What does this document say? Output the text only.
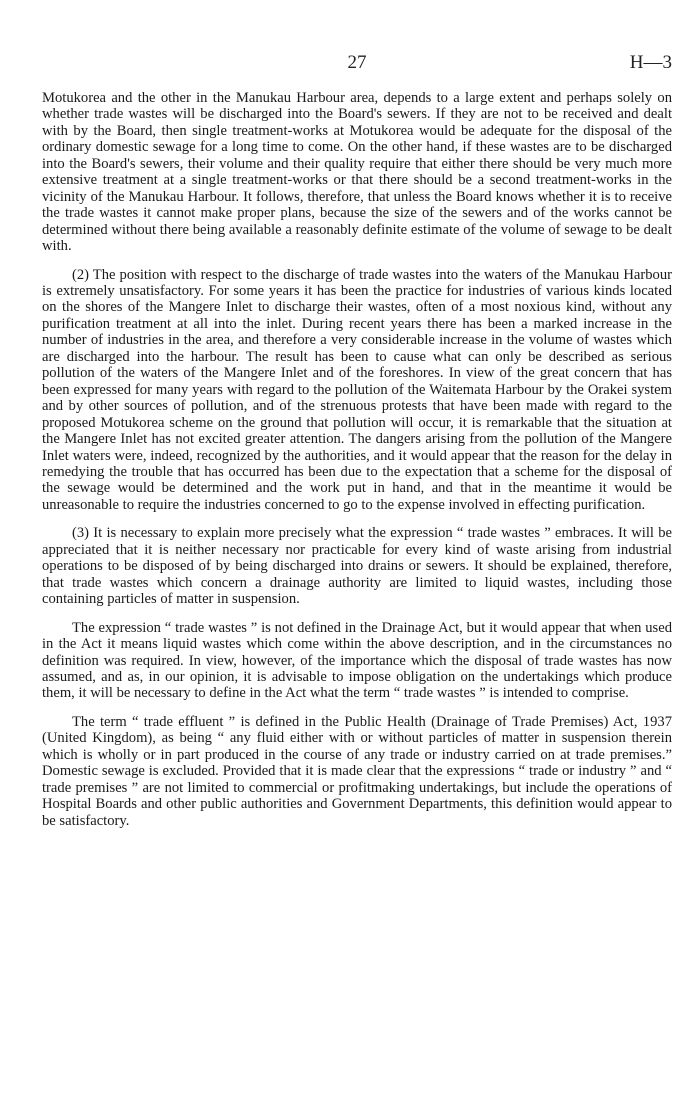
27	H—3

Motukorea and the other in the Manukau Harbour area, depends to a large extent and perhaps solely on whether trade wastes will be discharged into the Board's sewers. If they are not to be received and dealt with by the Board, then single treatment-works at Motukorea would be adequate for the disposal of the ordinary domestic sewage for a long time to come. On the other hand, if these wastes are to be discharged into the Board's sewers, their volume and their quality require that either there should be very much more extensive treatment at a single treatment-works or that there should be a second treatment-works in the vicinity of the Manukau Harbour. It follows, therefore, that unless the Board knows whether it is to receive the trade wastes it cannot make proper plans, because the size of the sewers and of the works cannot be determined without there being available a reasonably definite estimate of the volume of sewage to be dealt with.

(2) The position with respect to the discharge of trade wastes into the waters of the Manukau Harbour is extremely unsatisfactory. For some years it has been the practice for industries of various kinds located on the shores of the Mangere Inlet to discharge their wastes, often of a most noxious kind, without any purification treatment at all into the inlet. During recent years there has been a marked increase in the number of industries in the area, and therefore a very considerable increase in the volume of wastes which are discharged into the harbour. The result has been to cause what can only be described as serious pollution of the waters of the Mangere Inlet and of the foreshores. In view of the great concern that has been expressed for many years with regard to the pollution of the Waitemata Harbour by the Orakei system and by other sources of pollution, and of the strenuous protests that have been made with regard to the proposed Motukorea scheme on the ground that pollution will occur, it is remarkable that the situation at the Mangere Inlet has not excited greater attention. The dangers arising from the pollution of the Mangere Inlet waters were, indeed, recognized by the authorities, and it would appear that the reason for the delay in remedying the trouble that has occurred has been due to the expectation that a scheme for the disposal of the sewage would be determined and the work put in hand, and that in the meantime it would be unreasonable to require the industries concerned to go to the expense involved in effecting purification.

(3) It is necessary to explain more precisely what the expression “ trade wastes ” embraces. It will be appreciated that it is neither necessary nor practicable for every kind of waste arising from industrial operations to be disposed of by being discharged into drains or sewers. It should be explained, therefore, that trade wastes which concern a drainage authority are limited to liquid wastes, including those containing particles of matter in suspension.

The expression “ trade wastes ” is not defined in the Drainage Act, but it would appear that when used in the Act it means liquid wastes which come within the above description, and in the circumstances no definition was required. In view, however, of the importance which the disposal of trade wastes has now assumed, and as, in our opinion, it is advisable to impose obligation on the undertakings which produce them, it will be necessary to define in the Act what the term “ trade wastes ” is intended to comprise.

The term “ trade effluent ” is defined in the Public Health (Drainage of Trade Premises) Act, 1937 (United Kingdom), as being “ any fluid either with or without particles of matter in suspension therein which is wholly or in part produced in the course of any trade or industry carried on at trade premises.” Domestic sewage is excluded. Provided that it is made clear that the expressions “ trade or industry ” and “ trade premises ” are not limited to commercial or profitmaking undertakings, but include the operations of Hospital Boards and other public authorities and Government Departments, this definition would appear to be satisfactory.
